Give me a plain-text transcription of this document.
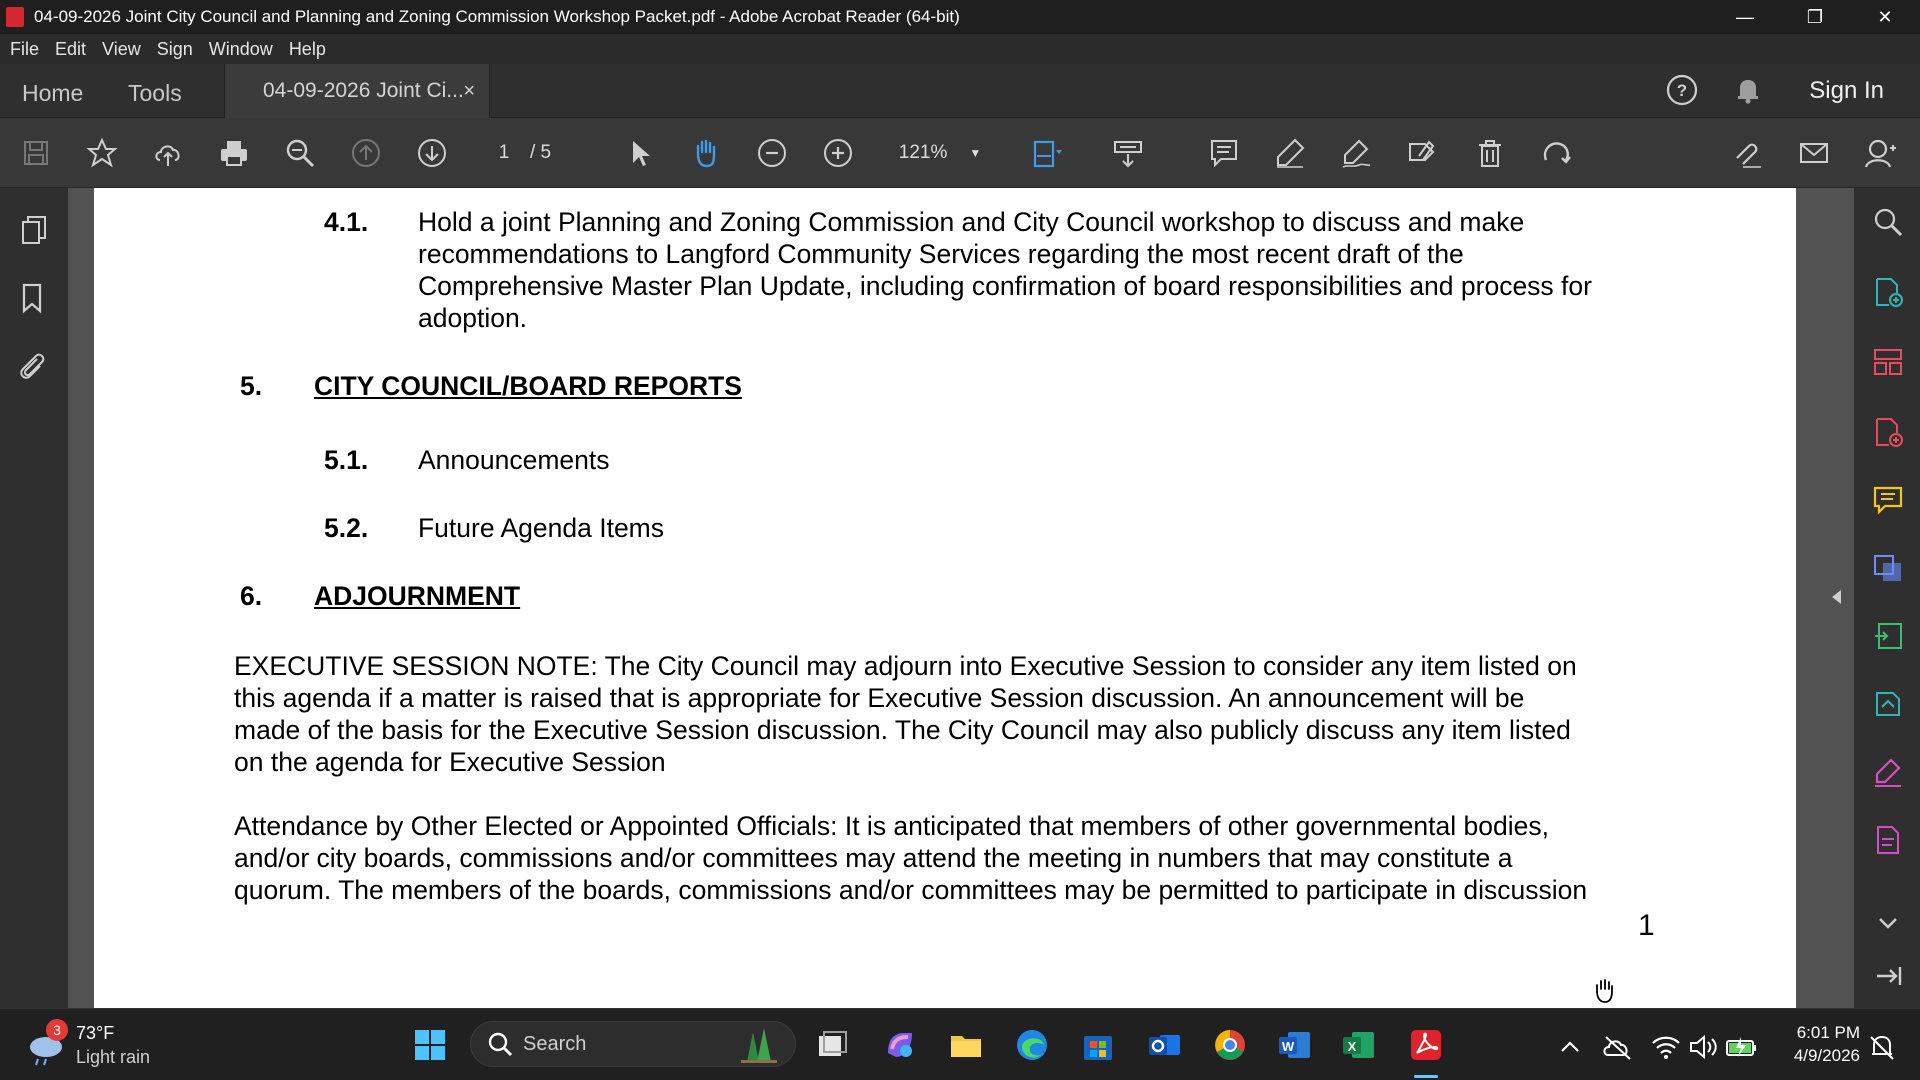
04-09-2026 Joint City Council and Planning and Zoning Commission Workshop Packet.pdf - Adobe Acrobat Reader (64-bit)	—	❐	✕
File Edit View Sign Window Help
Home Tools	04-09-2026 Joint Ci... ×	?	Sign In
1	/ 5	121% ▼
4.1. Hold a joint Planning and Zoning Commission and City Council workshop to discuss and make
recommendations to Langford Community Services regarding the most recent draft of the
Comprehensive Master Plan Update, including confirmation of board responsibilities and process for
adoption.
5. CITY COUNCIL/BOARD REPORTS
5.1. Announcements
5.2. Future Agenda Items
6. ADJOURNMENT
EXECUTIVE SESSION NOTE: The City Council may adjourn into Executive Session to consider any item listed on
this agenda if a matter is raised that is appropriate for Executive Session discussion. An announcement will be
made of the basis for the Executive Session discussion. The City Council may also publicly discuss any item listed
on the agenda for Executive Session
Attendance by Other Elected or Appointed Officials: It is anticipated that members of other governmental bodies,
and/or city boards, commissions and/or committees may attend the meeting in numbers that may constitute a
quorum. The members of the boards, commissions and/or committees may be permitted to participate in discussion
1
3 73°F
Light rain
Search	W	X
6:01 PM
4/9/2026
